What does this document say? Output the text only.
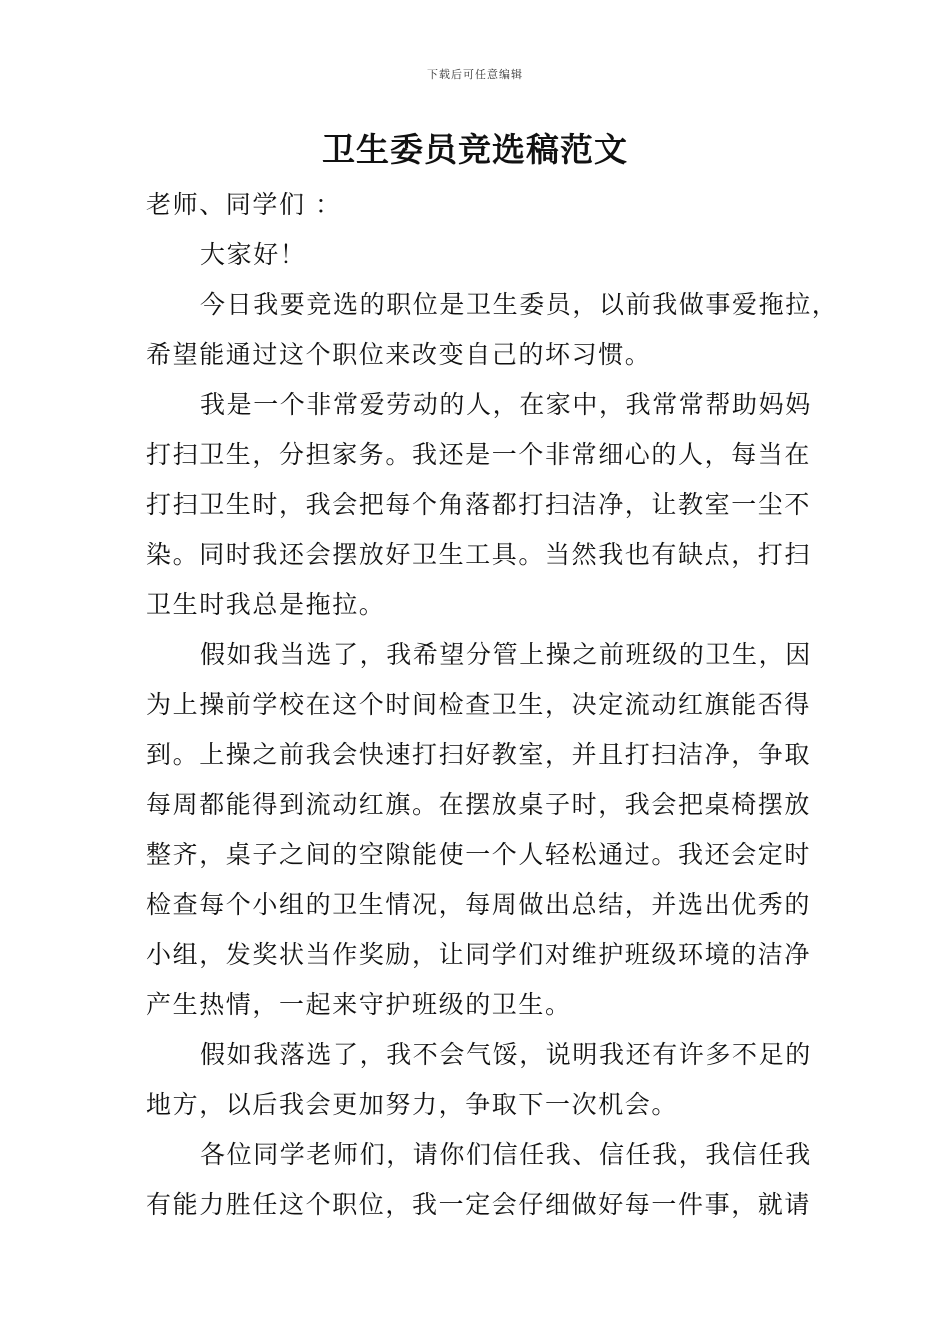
下载后可任意编辑
卫生委员竞选稿范文
老师、同学们 ：
大家好！
今日我要竞选的职位是卫生委员，以前我做事爱拖拉，
希望能通过这个职位来改变自己的坏习惯。
我是一个非常爱劳动的人，在家中，我常常帮助妈妈
打扫卫生，分担家务。我还是一个非常细心的人，每当在
打扫卫生时，我会把每个角落都打扫洁净，让教室一尘不
染。同时我还会摆放好卫生工具。当然我也有缺点，打扫
卫生时我总是拖拉。
假如我当选了，我希望分管上操之前班级的卫生，因
为上操前学校在这个时间检查卫生，决定流动红旗能否得
到。上操之前我会快速打扫好教室，并且打扫洁净，争取
每周都能得到流动红旗。在摆放桌子时，我会把桌椅摆放
整齐，桌子之间的空隙能使一个人轻松通过。我还会定时
检查每个小组的卫生情况，每周做出总结，并选出优秀的
小组，发奖状当作奖励，让同学们对维护班级环境的洁净
产生热情，一起来守护班级的卫生。
假如我落选了，我不会气馁，说明我还有许多不足的
地方，以后我会更加努力，争取下一次机会。
各位同学老师们，请你们信任我、信任我，我信任我
有能力胜任这个职位，我一定会仔细做好每一件事，就请
